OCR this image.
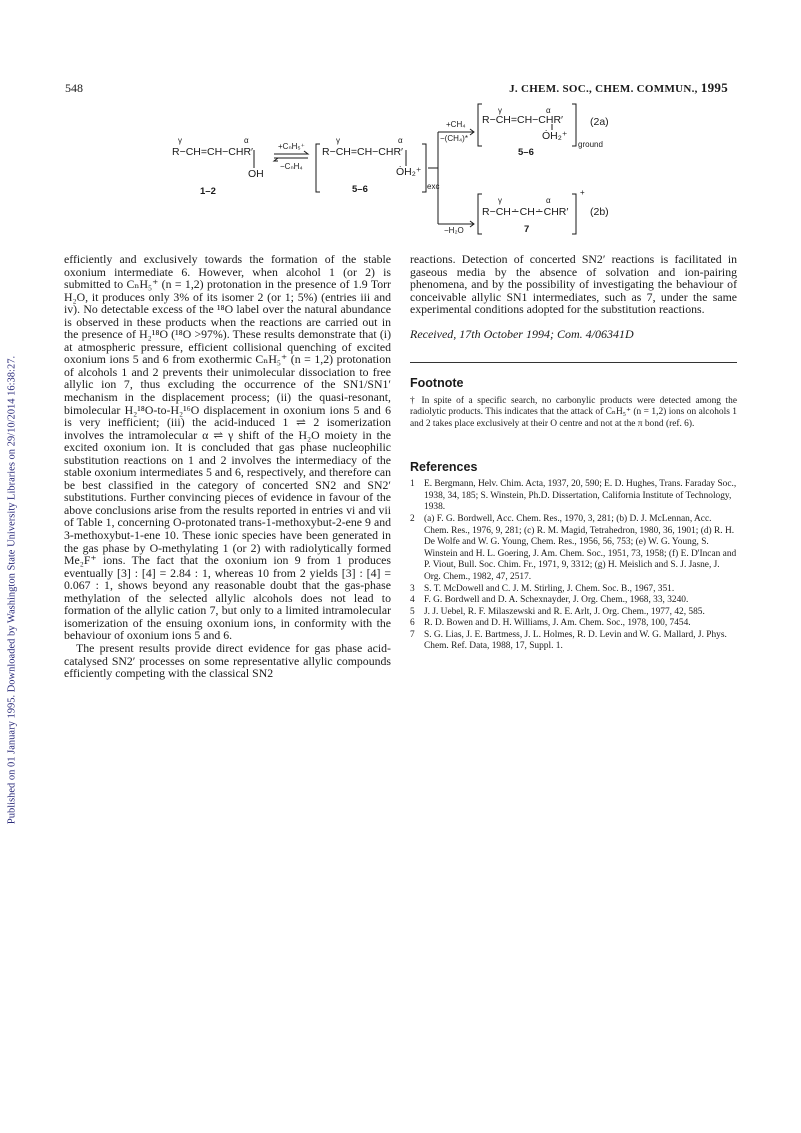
Published on 01 January 1995. Downloaded by Washington State University Libraries on 29/10/2014 16:38:27.
548	J. CHEM. SOC., CHEM. COMMUN., 1995
γ	α
R−CH=CH−CHR′
OH
1–2
+CₙH₅⁺
−CₙH₄
γ	α
R−CH=CH−CHR′
ȮH₂⁺
exc
5–6
+CH₄
−(CH₄)*
γ	α
R−CH=CH−CHR′
ȮH₂⁺
5–6
ground
(2a)
−H₂O
γ	α
R−CH∸CH∸CHR′
+
7
(2b)

efficiently and exclusively towards the formation of the stable oxonium intermediate 6. However, when alcohol 1 (or 2) is submitted to CₙH₅⁺ (n = 1,2) protonation in the presence of 1.9 Torr H₂O, it produces only 3% of its isomer 2 (or 1; 5%) (entries iii and iv). No detectable excess of the ¹⁸O label over the natural abundance is observed in these products when the reactions are carried out in the presence of H₂¹⁸O (¹⁸O >97%). These results demonstrate that (i) at atmospheric pressure, efficient collisional quenching of excited oxonium ions 5 and 6 from exothermic CₙH₅⁺ (n = 1,2) protonation of alcohols 1 and 2 prevents their unimolecular dissociation to free allylic ion 7, thus excluding the occurrence of the SN1/SN1′ mechanism in the displacement process; (ii) the quasi-resonant, bimolecular H₂¹⁸O-to-H₂¹⁶O displacement in oxonium ions 5 and 6 is very inefficient; (iii) the acid-induced 1 ⇌ 2 isomerization involves the intramolecular α ⇌ γ shift of the H₂O moiety in the excited oxonium ion. It is concluded that gas phase nucleophilic substitution reactions on 1 and 2 involves the intermediacy of the stable oxonium intermediates 5 and 6, respectively, and therefore can be best classified in the category of concerted SN2 and SN2′ substitutions. Further convincing pieces of evidence in favour of the above conclusions arise from the results reported in entries vi and vii of Table 1, concerning O-protonated trans-1-methoxybut-2-ene 9 and 3-methoxybut-1-ene 10. These ionic species have been generated in the gas phase by O-methylating 1 (or 2) with radiolytically formed Me₂F⁺ ions. The fact that the oxonium ion 9 from 1 produces eventually [3] : [4] = 2.84 : 1, whereas 10 from 2 yields [3] : [4] = 0.067 : 1, shows beyond any reasonable doubt that the gas-phase methylation of the selected allylic alcohols does not lead to formation of the allylic cation 7, but only to a limited intramolecular isomerization of the ensuing oxonium ions, in conformity with the behaviour of oxonium ions 5 and 6.

The present results provide direct evidence for gas phase acid-catalysed SN2′ processes on some representative allylic compounds efficiently competing with the classical SN2

reactions. Detection of concerted SN2′ reactions is facilitated in gaseous media by the absence of solvation and ion-pairing phenomena, and by the possibility of investigating the behaviour of conceivable allylic SN1 intermediates, such as 7, under the same experimental conditions adopted for the substitution reactions.

Received, 17th October 1994; Com. 4/06341D

Footnote
† In spite of a specific search, no carbonylic products were detected among the radiolytic products. This indicates that the attack of CₙH₅⁺ (n = 1,2) ions on alcohols 1 and 2 takes place exclusively at their O centre and not at the π bond (ref. 6).
References
1 E. Bergmann, Helv. Chim. Acta, 1937, 20, 590; E. D. Hughes, Trans. Faraday Soc., 1938, 34, 185; S. Winstein, Ph.D. Dissertation, California Institute of Technology, 1938.
2 (a) F. G. Bordwell, Acc. Chem. Res., 1970, 3, 281; (b) D. J. McLennan, Acc. Chem. Res., 1976, 9, 281; (c) R. M. Magid, Tetrahedron, 1980, 36, 1901; (d) R. H. De Wolfe and W. G. Young, Chem. Res., 1956, 56, 753; (e) W. G. Young, S. Winstein and H. L. Goering, J. Am. Chem. Soc., 1951, 73, 1958; (f) E. D'Incan and P. Viout, Bull. Soc. Chim. Fr., 1971, 9, 3312; (g) H. Meislich and S. J. Jasne, J. Org. Chem., 1982, 47, 2517.
3 S. T. McDowell and C. J. M. Stirling, J. Chem. Soc. B., 1967, 351.
4 F. G. Bordwell and D. A. Schexnayder, J. Org. Chem., 1968, 33, 3240.
5 J. J. Uebel, R. F. Milaszewski and R. E. Arlt, J. Org. Chem., 1977, 42, 585.
6 R. D. Bowen and D. H. Williams, J. Am. Chem. Soc., 1978, 100, 7454.
7 S. G. Lias, J. E. Bartmess, J. L. Holmes, R. D. Levin and W. G. Mallard, J. Phys. Chem. Ref. Data, 1988, 17, Suppl. 1.
